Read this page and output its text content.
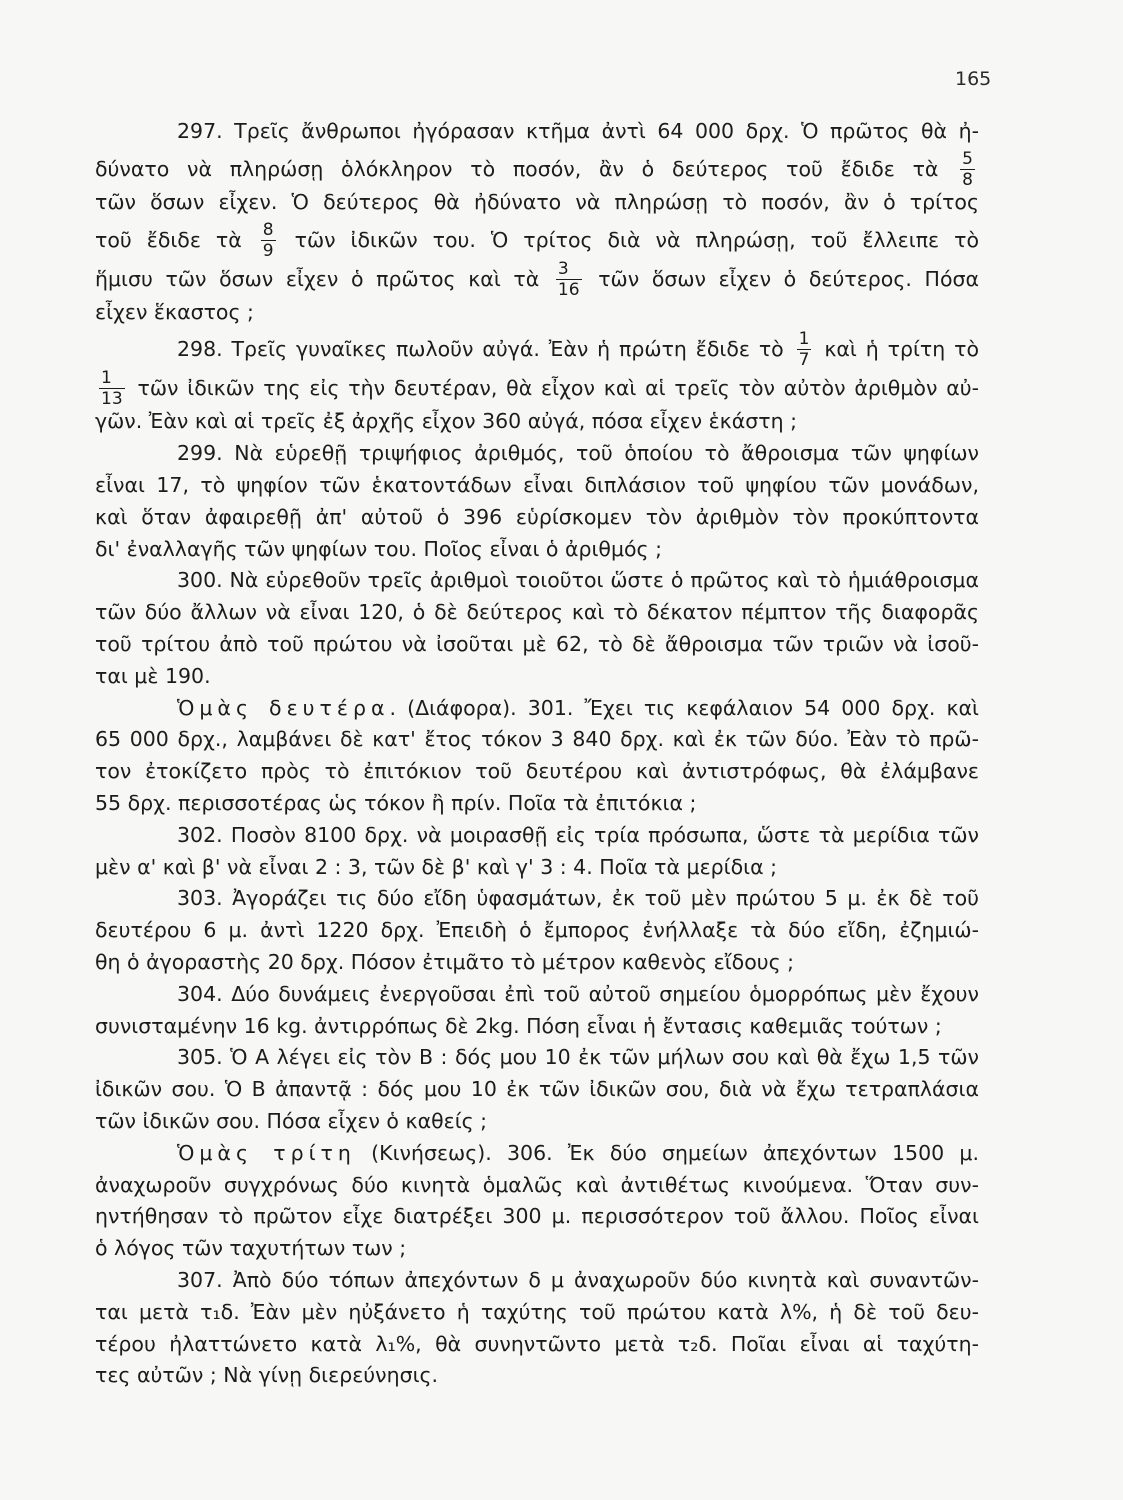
165
297. Τρεῖς ἄνθρωποι ἠγόρασαν κτῆμα ἀντὶ 64 000 δρχ. Ὁ πρῶτος θὰ ἠ-
δύνατο νὰ πληρώσῃ ὁλόκληρον τὸ ποσόν, ἂν ὁ δεύτερος τοῦ ἔδιδε τὰ $\frac{5}{8}$
τῶν ὅσων εἶχεν. Ὁ δεύτερος θὰ ἠδύνατο νὰ πληρώσῃ τὸ ποσόν, ἂν ὁ τρίτος
τοῦ ἔδιδε τὰ $\frac{8}{9}$ τῶν ἰδικῶν του. Ὁ τρίτος διὰ νὰ πληρώσῃ, τοῦ ἔλλειπε τὸ
ἥμισυ τῶν ὅσων εἶχεν ὁ πρῶτος καὶ τὰ $\frac{3}{16}$ τῶν ὅσων εἶχεν ὁ δεύτερος. Πόσα
εἶχεν ἕκαστος ;
298. Τρεῖς γυναῖκες πωλοῦν αὐγά. Ἐὰν ἡ πρώτη ἔδιδε τὸ $\frac{1}{7}$ καὶ ἡ τρίτη τὸ
$\frac{1}{13}$ τῶν ἰδικῶν της εἰς τὴν δευτέραν, θὰ εἶχον καὶ αἱ τρεῖς τὸν αὐτὸν ἀριθμὸν αὐ-
γῶν. Ἐὰν καὶ αἱ τρεῖς ἐξ ἀρχῆς εἶχον 360 αὐγά, πόσα εἶχεν ἑκάστη ;
299. Νὰ εὑρεθῇ τριψήφιος ἀριθμός, τοῦ ὁποίου τὸ ἄθροισμα τῶν ψηφίων
εἶναι 17, τὸ ψηφίον τῶν ἑκατοντάδων εἶναι διπλάσιον τοῦ ψηφίου τῶν μονάδων,
καὶ ὅταν ἀφαιρεθῇ ἀπ' αὐτοῦ ὁ 396 εὑρίσκομεν τὸν ἀριθμὸν τὸν προκύπτοντα
δι' ἐναλλαγῆς τῶν ψηφίων του. Ποῖος εἶναι ὁ ἀριθμός ;
300. Νὰ εὑρεθοῦν τρεῖς ἀριθμοὶ τοιοῦτοι ὥστε ὁ πρῶτος καὶ τὸ ἡμιάθροισμα
τῶν δύο ἄλλων νὰ εἶναι 120, ὁ δὲ δεύτερος καὶ τὸ δέκατον πέμπτον τῆς διαφορᾶς
τοῦ τρίτου ἀπὸ τοῦ πρώτου νὰ ἰσοῦται μὲ 62, τὸ δὲ ἄθροισμα τῶν τριῶν νὰ ἰσοῦ-
ται μὲ 190.
Ὁμὰς δευτέρα. (Διάφορα). 301. Ἔχει τις κεφάλαιον 54 000 δρχ. καὶ
65 000 δρχ., λαμβάνει δὲ κατ' ἔτος τόκον 3 840 δρχ. καὶ ἐκ τῶν δύο. Ἐὰν τὸ πρῶ-
τον ἐτοκίζετο πρὸς τὸ ἐπιτόκιον τοῦ δευτέρου καὶ ἀντιστρόφως, θὰ ἐλάμβανε
55 δρχ. περισσοτέρας ὡς τόκον ἢ πρίν. Ποῖα τὰ ἐπιτόκια ;
302. Ποσὸν 8100 δρχ. νὰ μοιρασθῇ εἰς τρία πρόσωπα, ὥστε τὰ μερίδια τῶν
μὲν α' καὶ β' νὰ εἶναι 2 : 3, τῶν δὲ β' καὶ γ' 3 : 4. Ποῖα τὰ μερίδια ;
303. Ἀγοράζει τις δύο εἴδη ὑφασμάτων, ἐκ τοῦ μὲν πρώτου 5 μ. ἐκ δὲ τοῦ
δευτέρου 6 μ. ἀντὶ 1220 δρχ. Ἐπειδὴ ὁ ἔμπορος ἐνήλλαξε τὰ δύο εἴδη, ἐζημιώ-
θη ὁ ἀγοραστὴς 20 δρχ. Πόσον ἐτιμᾶτο τὸ μέτρον καθενὸς εἴδους ;
304. Δύο δυνάμεις ἐνεργοῦσαι ἐπὶ τοῦ αὐτοῦ σημείου ὁμορρόπως μὲν ἔχουν
συνισταμένην 16 kg. ἀντιρρόπως δὲ 2kg. Πόση εἶναι ἡ ἔντασις καθεμιᾶς τούτων ;
305. Ὁ Α λέγει εἰς τὸν Β : δός μου 10 ἐκ τῶν μήλων σου καὶ θὰ ἔχω 1,5 τῶν
ἰδικῶν σου. Ὁ Β ἀπαντᾷ : δός μου 10 ἐκ τῶν ἰδικῶν σου, διὰ νὰ ἔχω τετραπλάσια
τῶν ἰδικῶν σου. Πόσα εἶχεν ὁ καθείς ;
Ὁμὰς τρίτη (Κινήσεως). 306. Ἐκ δύο σημείων ἀπεχόντων 1500 μ.
ἀναχωροῦν συγχρόνως δύο κινητὰ ὁμαλῶς καὶ ἀντιθέτως κινούμενα. Ὅταν συν-
ηντήθησαν τὸ πρῶτον εἶχε διατρέξει 300 μ. περισσότερον τοῦ ἄλλου. Ποῖος εἶναι
ὁ λόγος τῶν ταχυτήτων των ;
307. Ἀπὸ δύο τόπων ἀπεχόντων δ μ ἀναχωροῦν δύο κινητὰ καὶ συναντῶν-
ται μετὰ τ₁δ. Ἐὰν μὲν ηὐξάνετο ἡ ταχύτης τοῦ πρώτου κατὰ λ%, ἡ δὲ τοῦ δευ-
τέρου ἠλαττώνετο κατὰ λ₁%, θὰ συνηντῶντο μετὰ τ₂δ. Ποῖαι εἶναι αἱ ταχύτη-
τες αὐτῶν ; Νὰ γίνῃ διερεύνησις.
